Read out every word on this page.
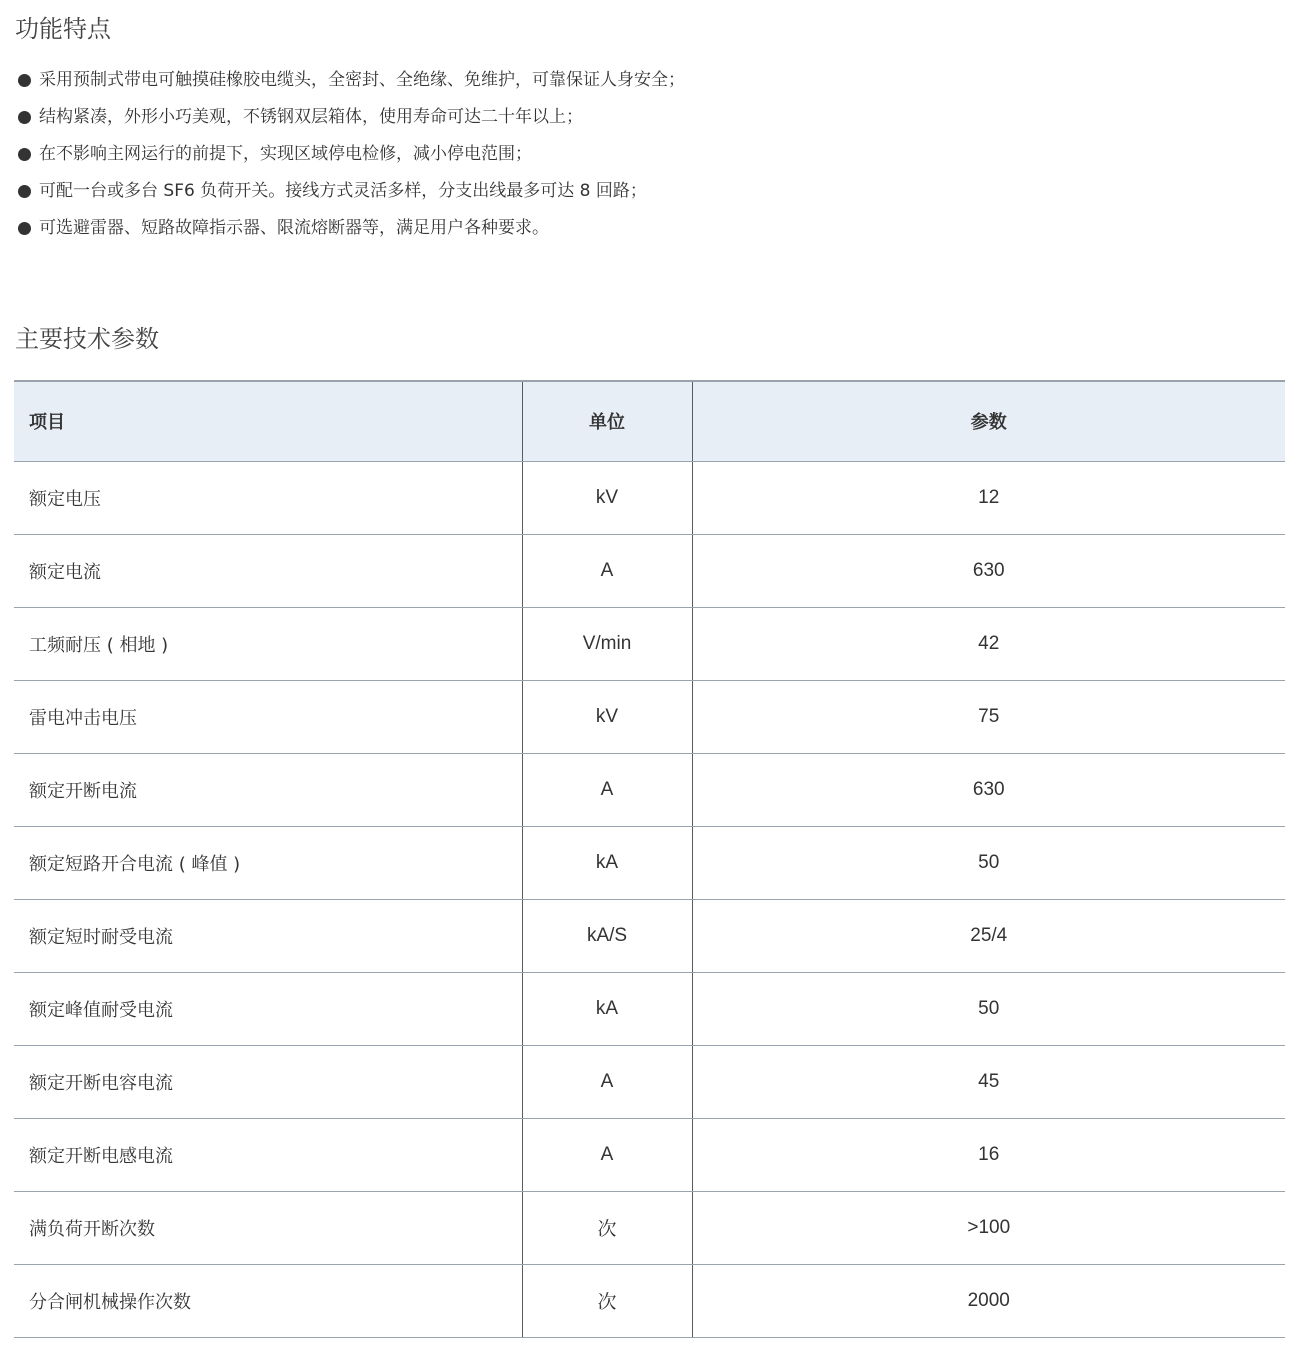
功能特点
采用预制式带电可触摸硅橡胶电缆头，全密封、全绝缘、免维护，可靠保证人身安全；
结构紧凑，外形小巧美观，不锈钢双层箱体，使用寿命可达二十年以上；
在不影响主网运行的前提下，实现区域停电检修，减小停电范围；
可配一台或多台 SF6 负荷开关。接线方式灵活多样，分支出线最多可达 8 回路；
可选避雷器、短路故障指示器、限流熔断器等，满足用户各种要求。
主要技术参数
项目	单位	参数
额定电压	kV	12
额定电流	A	630
工频耐压 ( 相地 )	V/min	42
雷电冲击电压	kV	75
额定开断电流	A	630
额定短路开合电流 ( 峰值 )	kA	50
额定短时耐受电流	kA/S	25/4
额定峰值耐受电流	kA	50
额定开断电容电流	A	45
额定开断电感电流	A	16
满负荷开断次数	次	>100
分合闸机械操作次数	次	2000
